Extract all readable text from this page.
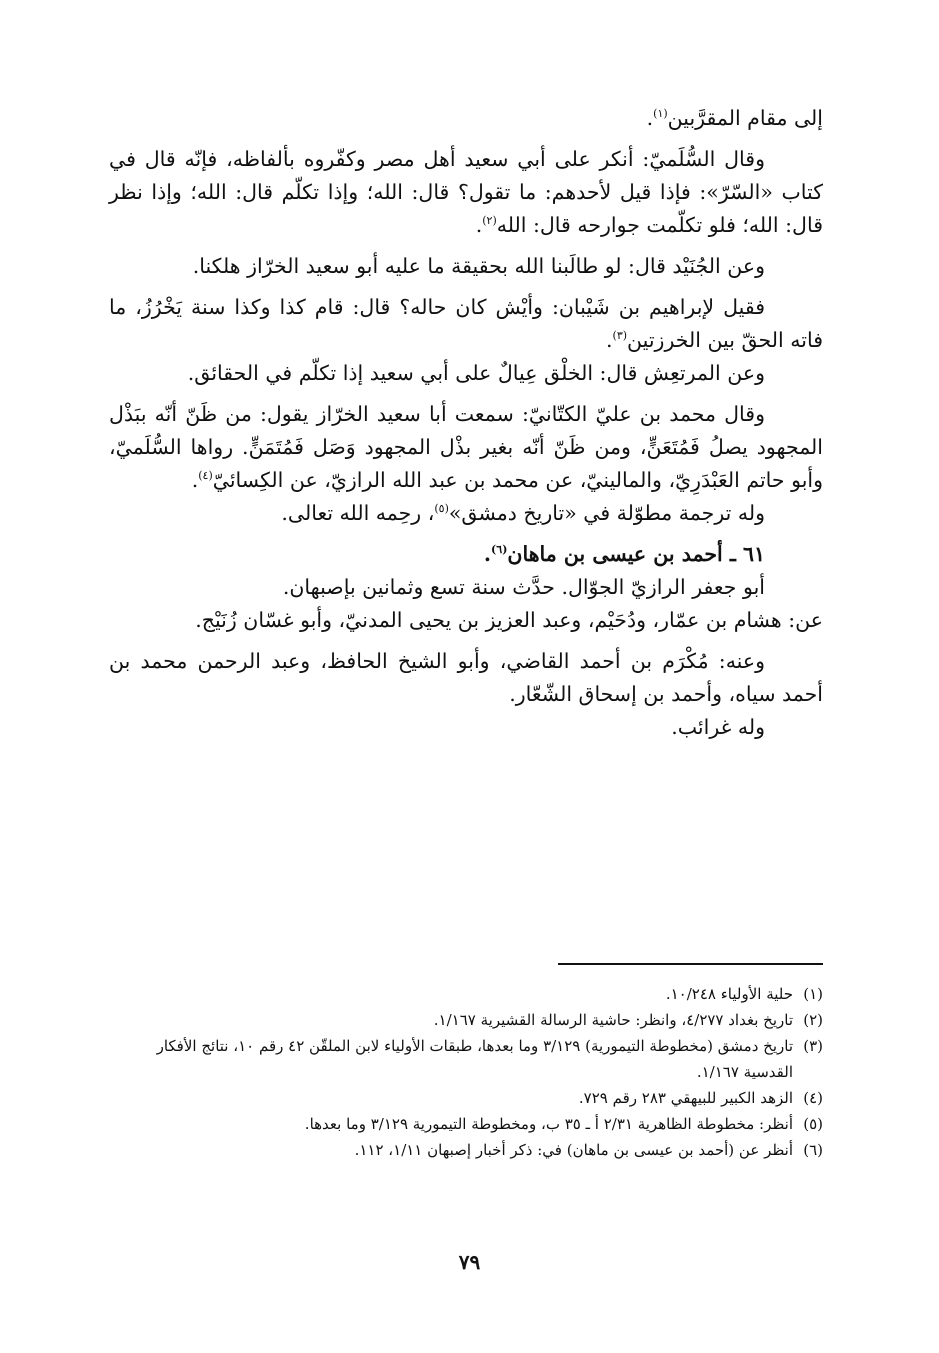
إلى مقام المقرَّبين$^{(١)}$.

وقال السُّلَميّ: أنكر على أبي سعيد أهل مصر وكفّروه بألفاظه، فإنّه قال في كتاب «السّرّ»: فإذا قيل لأحدهم: ما تقول؟ قال: الله؛ وإذا تكلّم قال: الله؛ وإذا نظر قال: الله؛ فلو تكلّمت جوارحه قال: الله$^{(٢)}$.

وعن الجُنَيْد قال: لو طالَبنا الله بحقيقة ما عليه أبو سعيد الخرّاز هلكنا.

فقيل لإبراهيم بن شَيْبان: وأيْش كان حاله؟ قال: قام كذا وكذا سنة يَخْرُزُ، ما فاته الحقّ بين الخرزتين$^{(٣)}$.

وعن المرتعِش قال: الخلْق عِيالٌ على أبي سعيد إذا تكلّم في الحقائق.

وقال محمد بن عليّ الكتّانيّ: سمعت أبا سعيد الخرّاز يقول: من ظَنّ أنّه ببَذْل المجهود يصلُ فَمُتَعَنٍّ، ومن ظَنّ أنّه بغير بذْل المجهود وَصَل فَمُتَمَنٍّ. رواها السُّلَميّ، وأبو حاتم العَبْدَرِيّ، والمالينيّ، عن محمد بن عبد الله الرازيّ، عن الكِسائيّ$^{(٤)}$.

وله ترجمة مطوّلة في «تاريخ دمشق»$^{(٥)}$، رحِمه الله تعالى.

٦١ ـ أحمد بن عيسى بن ماهان$^{(٦)}$.

أبو جعفر الرازيّ الجوّال. حدَّث سنة تسع وثمانين بإصبهان.

عن: هشام بن عمّار، ودُحَيْم، وعبد العزيز بن يحيى المدنيّ، وأبو غسّان زُنَيْج.

وعنه: مُكْرَم بن أحمد القاضي، وأبو الشيخ الحافظ، وعبد الرحمن محمد بن أحمد سياه، وأحمد بن إسحاق الشّعّار.

وله غرائب.

(١)
حلية الأولياء ١٠/٢٤٨.
(٢)
تاريخ بغداد ٤/٢٧٧، وانظر: حاشية الرسالة القشيرية ١/١٦٧.
(٣)
تاريخ دمشق (مخطوطة التيمورية) ٣/١٢٩ وما بعدها، طبقات الأولياء لابن الملقّن ٤٢ رقم ١٠، نتائج الأفكار القدسية ١/١٦٧.
(٤)
الزهد الكبير للبيهقي ٢٨٣ رقم ٧٢٩.
(٥)
أنظر: مخطوطة الظاهرية ٢/٣١ أ ـ ٣٥ ب، ومخطوطة التيمورية ٣/١٢٩ وما بعدها.
(٦)
أنظر عن (أحمد بن عيسى بن ماهان) في: ذكر أخبار إصبهان ١/١١، ١١٢.
٧٩
